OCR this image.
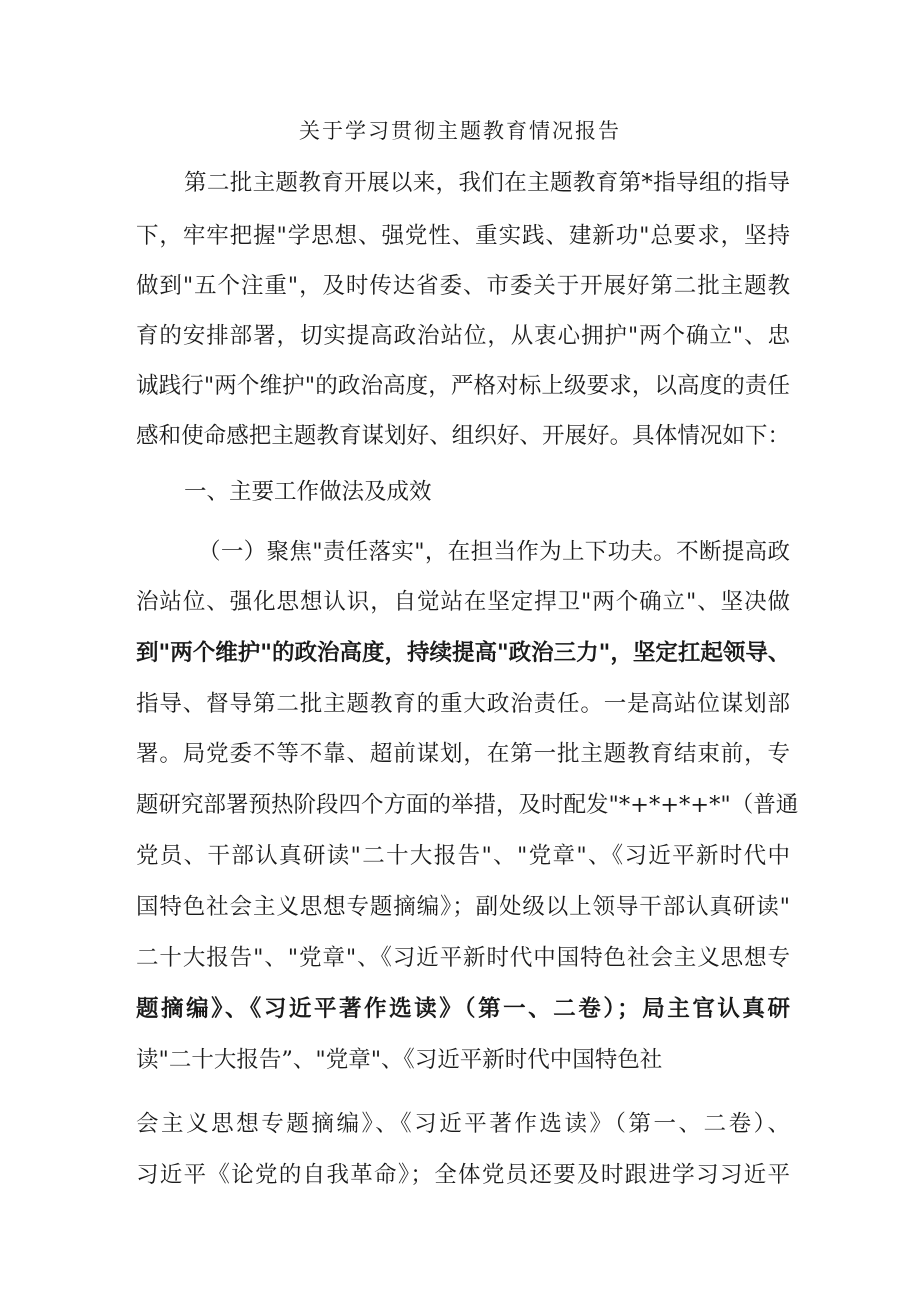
关于学习贯彻主题教育情况报告
第二批主题教育开展以来，我们在主题教育第*指导组的指导
下，牢牢把握"学思想、强党性、重实践、建新功"总要求，坚持
做到"五个注重"，及时传达省委、市委关于开展好第二批主题教
育的安排部署，切实提高政治站位，从衷心拥护"两个确立"、忠
诚践行"两个维护"的政治高度，严格对标上级要求，以高度的责任
感和使命感把主题教育谋划好、组织好、开展好。具体情况如下：
一、主要工作做法及成效
（一）聚焦"责任落实"，在担当作为上下功夫。不断提高政
治站位、强化思想认识，自觉站在坚定捍卫"两个确立"、坚决做
到"两个维护"的政治高度，持续提高"政治三力"，坚定扛起领导、
指导、督导第二批主题教育的重大政治责任。一是高站位谋划部
署。局党委不等不靠、超前谋划，在第一批主题教育结束前，专
题研究部署预热阶段四个方面的举措，及时配发"*+*+*+*"（普通
党员、干部认真研读"二十大报告"、"党章"、《习近平新时代中
国特色社会主义思想专题摘编》；副处级以上领导干部认真研读"
二十大报告"、"党章"、《习近平新时代中国特色社会主义思想专
题摘编》、《习近平著作选读》（第一、二卷）；局主官认真研
读"二十大报告”、"党章"、《习近平新时代中国特色社
会主义思想专题摘编》、《习近平著作选读》（第一、二卷）、
习近平《论党的自我革命》；全体党员还要及时跟进学习习近平
